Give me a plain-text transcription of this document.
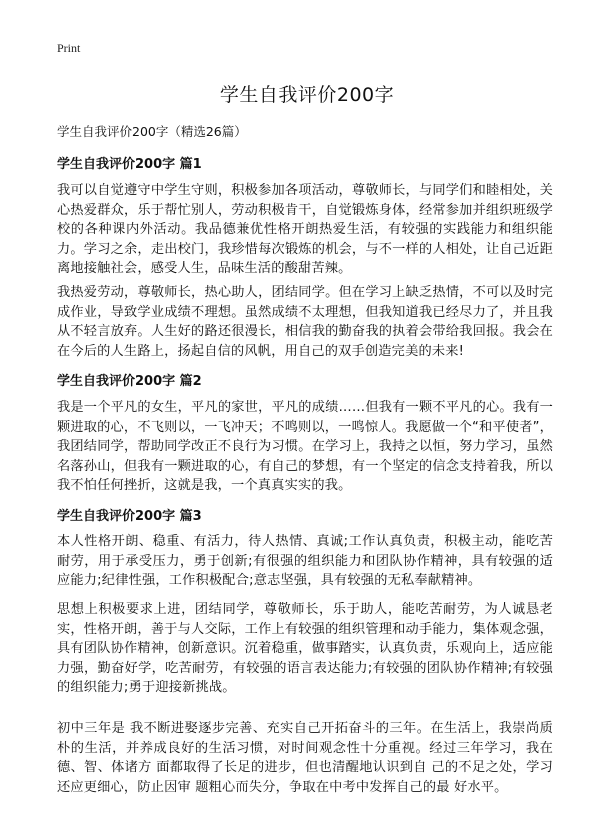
Print
学生自我评价200字

学生自我评价200字（精选26篇）

学生自我评价200字 篇1

我可以自觉遵守中学生守则，积极参加各项活动，尊敬师长，与同学们和睦相处，关心热爱群众，乐于帮忙别人，劳动积极肯干，自觉锻炼身体，经常参加并组织班级学校的各种课内外活动。我品德兼优性格开朗热爱生活，有较强的实践能力和组织能力。学习之余，走出校门，我珍惜每次锻炼的机会，与不一样的人相处，让自己近距离地接触社会，感受人生，品味生活的酸甜苦辣。

我热爱劳动，尊敬师长，热心助人，团结同学。但在学习上缺乏热情，不可以及时完成作业，导致学业成绩不理想。虽然成绩不太理想，但我知道我已经尽力了，并且我从不轻言放弃。人生好的路还很漫长，相信我的勤奋我的执着会带给我回报。我会在在今后的人生路上，扬起自信的风帆，用自己的双手创造完美的未来!

学生自我评价200字 篇2

我是一个平凡的女生，平凡的家世，平凡的成绩……但我有一颗不平凡的心。我有一颗进取的心，不飞则以，一飞冲天；不鸣则以，一鸣惊人。我愿做一个“和平使者”，我团结同学，帮助同学改正不良行为习惯。在学习上，我持之以恒，努力学习，虽然名落孙山，但我有一颗进取的心，有自己的梦想，有一个坚定的信念支持着我，所以我不怕任何挫折，这就是我，一个真真实实的我。

学生自我评价200字 篇3

本人性格开朗、稳重、有活力，待人热情、真诚;工作认真负责，积极主动，能吃苦耐劳，用于承受压力，勇于创新;有很强的组织能力和团队协作精神，具有较强的适应能力;纪律性强，工作积极配合;意志坚强，具有较强的无私奉献精神。

思想上积极要求上进，团结同学，尊敬师长，乐于助人，能吃苦耐劳，为人诚恳老实，性格开朗，善于与人交际，工作上有较强的组织管理和动手能力，集体观念强，具有团队协作精神，创新意识。沉着稳重，做事踏实，认真负责，乐观向上，适应能力强，勤奋好学，吃苦耐劳，有较强的语言表达能力;有较强的团队协作精神;有较强的组织能力;勇于迎接新挑战。

初中三年是 我不断进娶逐步完善、充实自己开拓奋斗的三年。在生活上，我崇尚质朴的生活，并养成良好的生活习惯，对时间观念性十分重视。经过三年学习，我在德、智、体诸方 面都取得了长足的进步，但也清醒地认识到自 己的不足之处，学习还应更细心，防止因审 题粗心而失分，争取在中考中发挥自己的最 好水平。
